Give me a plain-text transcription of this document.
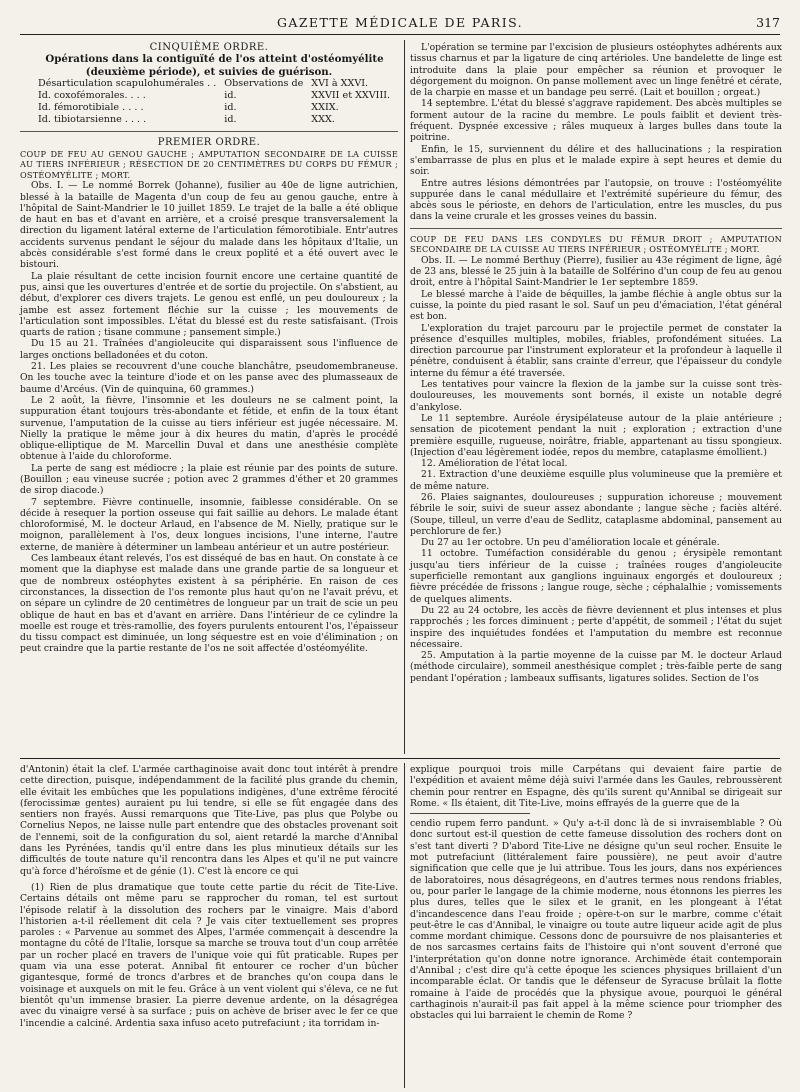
GAZETTE MÉDICALE DE PARIS.	317

CINQUIÈME ORDRE.

Opérations dans la contiguïté de l'os atteint d'ostéomyélite (deuxième période), et suivies de guérison.

Désarticulation scapulohumérales . .	Observations de	XVI à XXVI.
Id. coxofémorales. . . .	id.	XXVII et XXVIII.
Id. fémorotibiale . . . .	id.	XXIX.
Id. tibiotarsienne . . . .	id.	XXX.

PREMIER ORDRE.

COUP DE FEU AU GENOU GAUCHE ; AMPUTATION SECONDAIRE DE LA CUISSE AU TIERS INFÉRIEUR ; RÉSECTION DE 20 CENTIMÈTRES DU CORPS DU FÉMUR ; OSTÉOMYÉLITE ; MORT.

Obs. I. — Le nommé Borrek (Johanne), fusilier au 40e de ligne autrichien, blessé à la bataille de Magenta d'un coup de feu au genou gauche, entre à l'hôpital de Saint-Mandrier le 10 juillet 1859. Le trajet de la balle a été oblique de haut en bas et d'avant en arrière, et a croisé presque transversalement la direction du ligament latéral externe de l'articulation fémorotibiale. Entr'autres accidents survenus pendant le séjour du malade dans les hôpitaux d'Italie, un abcès considérable s'est formé dans le creux poplité et a été ouvert avec le bistouri.

La plaie résultant de cette incision fournit encore une certaine quantité de pus, ainsi que les ouvertures d'entrée et de sortie du projectile. On s'abstient, au début, d'explorer ces divers trajets. Le genou est enflé, un peu douloureux ; la jambe est assez fortement fléchie sur la cuisse ; les mouvements de l'articulation sont impossibles. L'état du blessé est du reste satisfaisant. (Trois quarts de ration ; tisane commune ; pansement simple.)

Du 15 au 21. Traînées d'angioleucite qui disparaissent sous l'influence de larges onctions belladonées et du coton.

21. Les plaies se recouvrent d'une couche blanchâtre, pseudomembraneuse. On les touche avec la teinture d'iode et on les panse avec des plumasseaux de baume d'Arcéus. (Vin de quinquina, 60 grammes.)

Le 2 août, la fièvre, l'insomnie et les douleurs ne se calment point, la suppuration étant toujours très-abondante et fétide, et enfin de la toux étant survenue, l'amputation de la cuisse au tiers inférieur est jugée nécessaire. M. Nielly la pratique le même jour à dix heures du matin, d'après le procédé oblique-elliptique de M. Marcellin Duval et dans une anesthésie complète obtenue à l'aide du chloroforme.

La perte de sang est médiocre ; la plaie est réunie par des points de suture. (Bouillon ; eau vineuse sucrée ; potion avec 2 grammes d'éther et 20 grammes de sirop diacode.)

7 septembre. Fièvre continuelle, insomnie, faiblesse considérable. On se décide à resequer la portion osseuse qui fait saillie au dehors. Le malade étant chloroformisé, M. le docteur Arlaud, en l'absence de M. Nielly, pratique sur le moignon, parallèlement à l'os, deux longues incisions, l'une interne, l'autre externe, de manière à déterminer un lambeau antérieur et un autre postérieur.

Ces lambeaux étant relevés, l'os est disséqué de bas en haut. On constate à ce moment que la diaphyse est malade dans une grande partie de sa longueur et que de nombreux ostéophytes existent à sa périphérie. En raison de ces circonstances, la dissection de l'os remonte plus haut qu'on ne l'avait prévu, et on sépare un cylindre de 20 centimètres de longueur par un trait de scie un peu oblique de haut en bas et d'avant en arrière. Dans l'intérieur de ce cylindre la moelle est rouge et très-ramollie, des foyers purulents entourent l'os, l'épaisseur du tissu compact est diminuée, un long séquestre est en voie d'élimination ; on peut craindre que la partie restante de l'os ne soit affectée d'ostéomyélite.

L'opération se termine par l'excision de plusieurs ostéophytes adhérents aux tissus charnus et par la ligature de cinq artérioles. Une bandelette de linge est introduite dans la plaie pour empêcher sa réunion et provoquer le dégorgement du moignon. On panse mollement avec un linge fenêtré et cérate, de la charpie en masse et un bandage peu serré. (Lait et bouillon ; orgeat.)

14 septembre. L'état du blessé s'aggrave rapidement. Des abcès multiples se forment autour de la racine du membre. Le pouls faiblit et devient très-fréquent. Dyspnée excessive ; râles muqueux à larges bulles dans toute la poitrine.

Enfin, le 15, surviennent du délire et des hallucinations ; la respiration s'embarrasse de plus en plus et le malade expire à sept heures et demie du soir.

Entre autres lésions démontrées par l'autopsie, on trouve : l'ostéomyélite suppurée dans le canal médullaire et l'extrémité supérieure du fémur, des abcès sous le périoste, en dehors de l'articulation, entre les muscles, du pus dans la veine crurale et les grosses veines du bassin.

COUP DE FEU DANS LES CONDYLES DU FÉMUR DROIT ; AMPUTATION SECONDAIRE DE LA CUISSE AU TIERS INFÉRIEUR ; OSTÉOMYÉLITE ; MORT.

Obs. II. — Le nommé Berthuy (Pierre), fusilier au 43e régiment de ligne, âgé de 23 ans, blessé le 25 juin à la bataille de Solférino d'un coup de feu au genou droit, entre à l'hôpital Saint-Mandrier le 1er septembre 1859.

Le blessé marche à l'aide de béquilles, la jambe fléchie à angle obtus sur la cuisse, la pointe du pied rasant le sol. Sauf un peu d'émaciation, l'état général est bon.

L'exploration du trajet parcouru par le projectile permet de constater la présence d'esquilles multiples, mobiles, friables, profondément situées. La direction parcourue par l'instrument explorateur et la profondeur à laquelle il pénètre, conduisent à établir, sans crainte d'erreur, que l'épaisseur du condyle interne du fémur a été traversée.

Les tentatives pour vaincre la flexion de la jambe sur la cuisse sont très-douloureuses, les mouvements sont bornés, il existe un notable degré d'ankylose.

Le 11 septembre. Auréole érysipélateuse autour de la plaie antérieure ; sensation de picotement pendant la nuit ; exploration ; extraction d'une première esquille, rugueuse, noirâtre, friable, appartenant au tissu spongieux. (Injection d'eau légèrement iodée, repos du membre, cataplasme émollient.)

12. Amélioration de l'état local.

21. Extraction d'une deuxième esquille plus volumineuse que la première et de même nature.

26. Plaies saignantes, douloureuses ; suppuration ichoreuse ; mouvement fébrile le soir, suivi de sueur assez abondante ; langue sèche ; faciès altéré. (Soupe, tilleul, un verre d'eau de Sedlitz, cataplasme abdominal, pansement au perchlorure de fer.)

Du 27 au 1er octobre. Un peu d'amélioration locale et générale.

11 octobre. Tuméfaction considérable du genou ; érysipèle remontant jusqu'au tiers inférieur de la cuisse ; traînées rouges d'angioleucite superficielle remontant aux ganglions inguinaux engorgés et douloureux ; fièvre précédée de frissons ; langue rouge, sèche ; céphalalhie ; vomissements de quelques aliments.

Du 22 au 24 octobre, les accès de fièvre deviennent et plus intenses et plus rapprochés ; les forces diminuent ; perte d'appétit, de sommeil ; l'état du sujet inspire des inquiétudes fondées et l'amputation du membre est reconnue nécessaire.

25. Amputation à la partie moyenne de la cuisse par M. le docteur Arlaud (méthode circulaire), sommeil anesthésique complet ; très-faible perte de sang pendant l'opération ; lambeaux suffisants, ligatures solides. Section de l'os

d'Antonin) était la clef. L'armée carthaginoise avait donc tout intérêt à prendre cette direction, puisque, indépendamment de la facilité plus grande du chemin, elle évitait les embûches que les populations indigènes, d'une extrême férocité (ferocissimæ gentes) auraient pu lui tendre, si elle se fût engagée dans des sentiers non frayés. Aussi remarquons que Tite-Live, pas plus que Polybe ou Cornelius Nepos, ne laisse nulle part entendre que des obstacles provenant soit de l'ennemi, soit de la configuration du sol, aient retardé la marche d'Annibal dans les Pyrénées, tandis qu'il entre dans les plus minutieux détails sur les difficultés de toute nature qu'il rencontra dans les Alpes et qu'il ne put vaincre qu'à force d'héroïsme et de génie (1). C'est là encore ce qui

(1) Rien de plus dramatique que toute cette partie du récit de Tite-Live. Certains détails ont même paru se rapprocher du roman, tel est surtout l'épisode relatif à la dissolution des rochers par le vinaigre. Mais d'abord l'historien a-t-il réellement dit cela ? Je vais citer textuellement ses propres paroles : « Parvenue au sommet des Alpes, l'armée commençait à descendre la montagne du côté de l'Italie, lorsque sa marche se trouva tout d'un coup arrêtée par un rocher placé en travers de l'unique voie qui fût praticable. Rupes per quam via una esse poterat. Annibal fit entourer ce rocher d'un bûcher gigantesque, formé de troncs d'arbres et de branches qu'on coupa dans le voisinage et auxquels on mit le feu. Grâce à un vent violent qui s'éleva, ce ne fut bientôt qu'un immense brasier. La pierre devenue ardente, on la désagrégea avec du vinaigre versé à sa surface ; puis on achève de briser avec le fer ce que l'incendie a calciné. Ardentia saxa infuso aceto putrefaciunt ; ita torridam in-

explique pourquoi trois mille Carpétans qui devaient faire partie de l'expédition et avaient même déjà suivi l'armée dans les Gaules, rebroussèrent chemin pour rentrer en Espagne, dès qu'ils surent qu'Annibal se dirigeait sur Rome. « Ils étaient, dit Tite-Live, moins effrayés de la guerre que de la

cendio rupem ferro pandunt. » Qu'y a-t-il donc là de si invraisemblable ? Où donc surtout est-il question de cette fameuse dissolution des rochers dont on s'est tant diverti ? D'abord Tite-Live ne désigne qu'un seul rocher. Ensuite le mot putrefaciunt (littéralement faire poussière), ne peut avoir d'autre signification que celle que je lui attribue. Tous les jours, dans nos expériences de laboratoires, nous désagrégeons, en d'autres termes nous rendons friables, ou, pour parler le langage de la chimie moderne, nous étonnons les pierres les plus dures, telles que le silex et le granit, en les plongeant à l'état d'incandescence dans l'eau froide ; opère-t-on sur le marbre, comme c'était peut-être le cas d'Annibal, le vinaigre ou toute autre liqueur acide agit de plus comme mordant chimique. Cessons donc de poursuivre de nos plaisanteries et de nos sarcasmes certains faits de l'histoire qui n'ont souvent d'erroné que l'interprétation qu'on donne notre ignorance. Archimède était contemporain d'Annibal ; c'est dire qu'à cette époque les sciences physiques brillaient d'un incomparable éclat. Or tandis que le défenseur de Syracuse brûlait la flotte romaine à l'aide de procédés que la physique avoue, pourquoi le général carthaginois n'aurait-il pas fait appel à la même science pour triompher des obstacles qui lui barraient le chemin de Rome ?
